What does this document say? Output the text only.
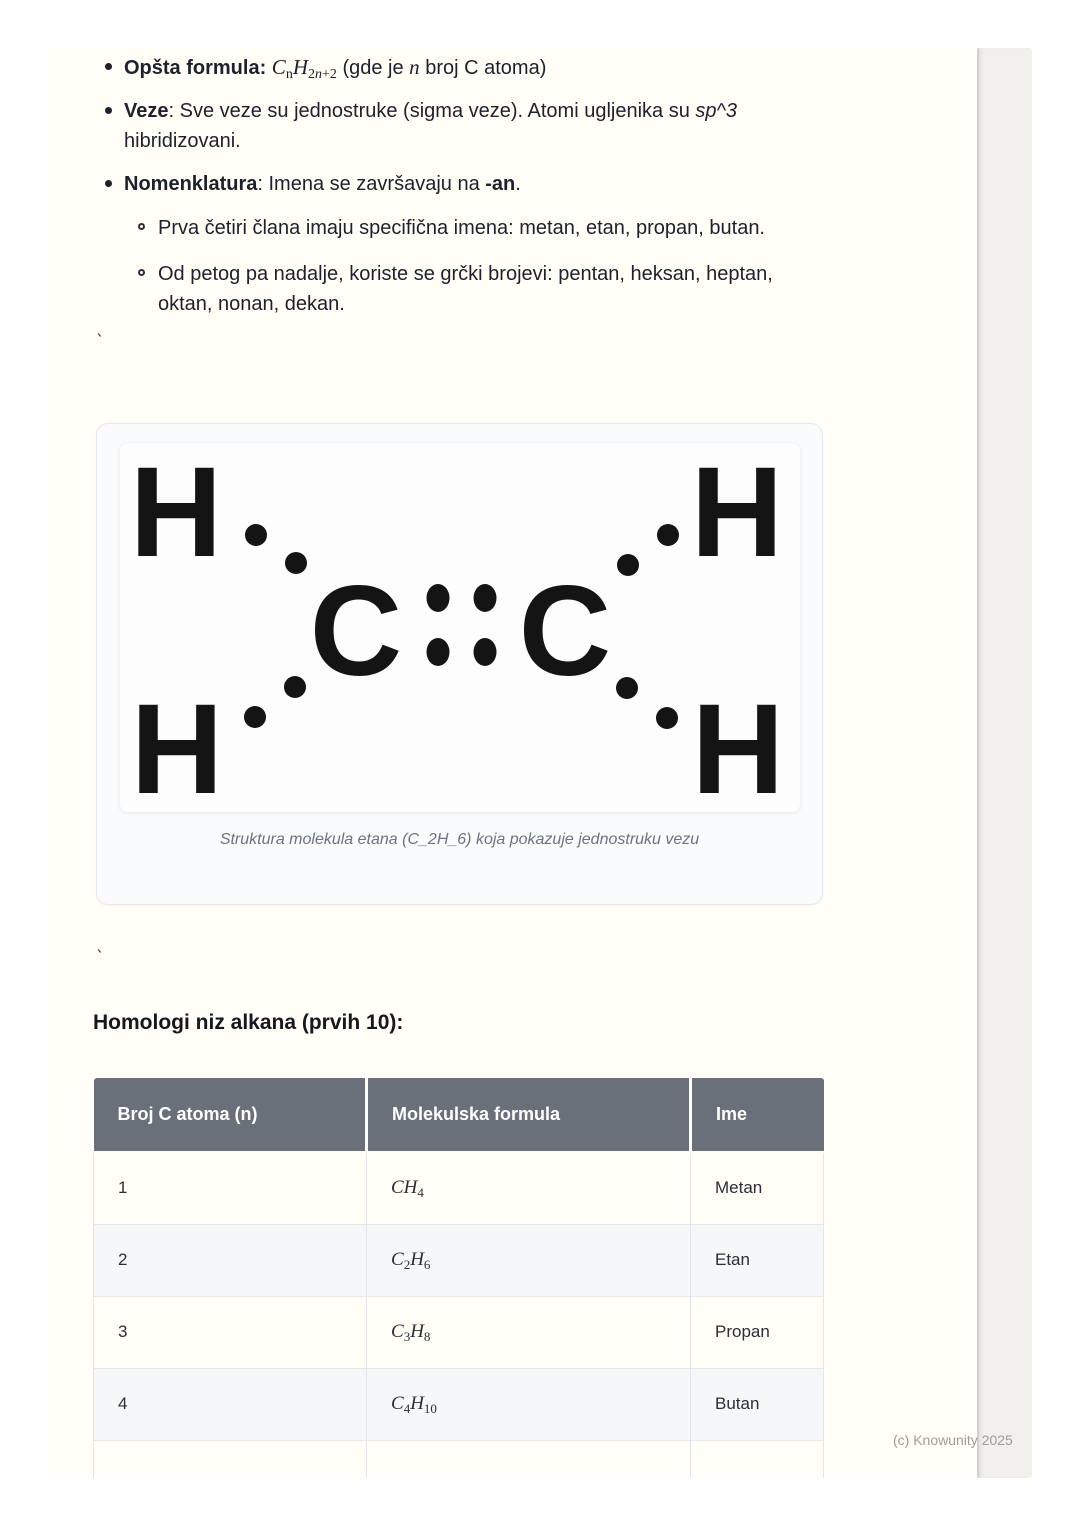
Opšta formula: $C_nH_{2n+2}$ (gde je n broj C atoma)
Veze: Sve veze su jednostruke (sigma veze). Atomi ugljenika su sp^3 hibridizovani.
Nomenklatura: Imena se završavaju na -an.
Prva četiri člana imaju specifična imena: metan, etan, propan, butan.
Od petog pa nadalje, koriste se grčki brojevi: pentan, heksan, heptan, oktan, nonan, dekan.
`
`
H	H
H	H
C C
Struktura molekula etana (C_2H_6) koja pokazuje jednostruku vezu
Homologi niz alkana (prvih 10):
Broj C atoma (n)	Molekulska formula	Ime
1	$CH_4$	Metan
2	$C_2H_6$	Etan
3	$C_3H_8$	Propan
4	$C_4H_{10}$	Butan

(c) Knowunity 2025
